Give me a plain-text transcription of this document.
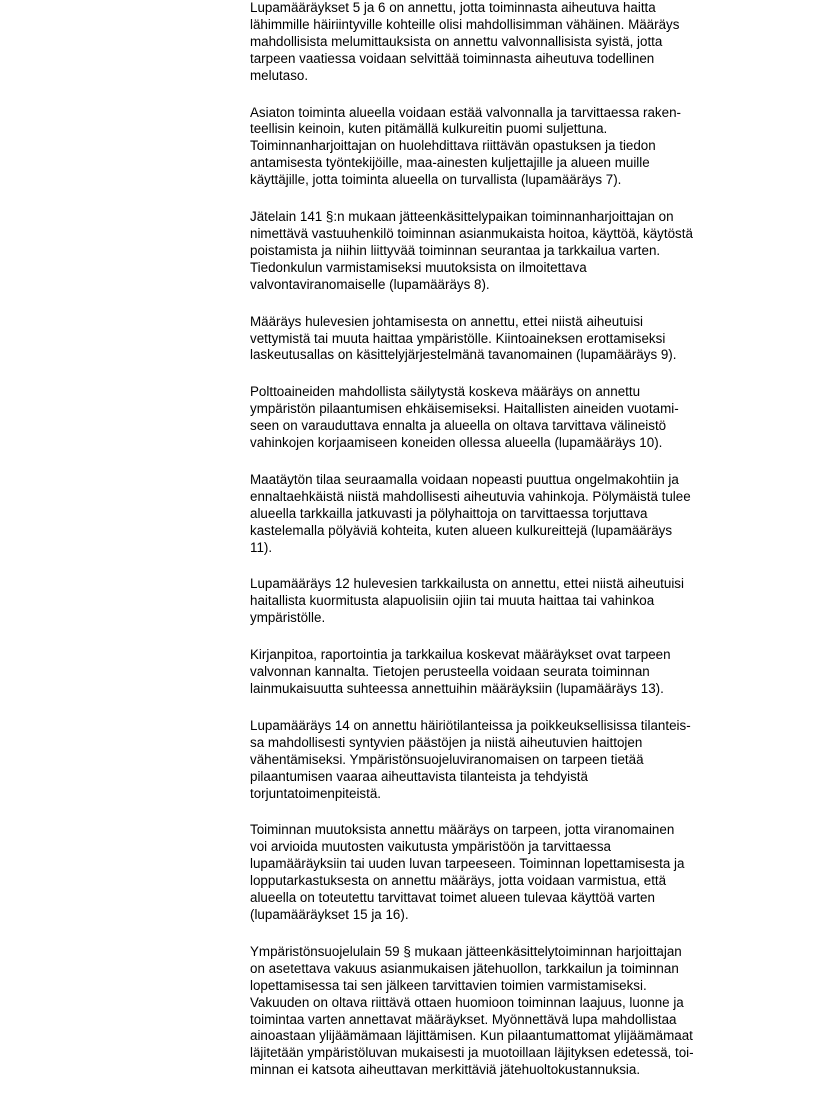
Lupamääräykset 5 ja 6 on annettu, jotta toiminnasta aiheutuva haitta
lähimmille häiriintyville kohteille olisi mahdollisimman vähäinen. Määräys
mahdollisista melumittauksista on annettu valvonnallisista syistä, jotta
tarpeen vaatiessa voidaan selvittää toiminnasta aiheutuva todellinen
melutaso.
Asiaton toiminta alueella voidaan estää valvonnalla ja tarvittaessa raken-
teellisin keinoin, kuten pitämällä kulkureitin puomi suljettuna.
Toiminnanharjoittajan on huolehdittava riittävän opastuksen ja tiedon
antamisesta työntekijöille, maa-ainesten kuljettajille ja alueen muille
käyttäjille, jotta toiminta alueella on turvallista (lupamääräys 7).
Jätelain 141 §:n mukaan jätteenkäsittelypaikan toiminnanharjoittajan on
nimettävä vastuuhenkilö toiminnan asianmukaista hoitoa, käyttöä, käytöstä
poistamista ja niihin liittyvää toiminnan seurantaa ja tarkkailua varten.
Tiedonkulun varmistamiseksi muutoksista on ilmoitettava
valvontaviranomaiselle (lupamääräys 8).
Määräys hulevesien johtamisesta on annettu, ettei niistä aiheutuisi
vettymistä tai muuta haittaa ympäristölle. Kiintoaineksen erottamiseksi
laskeutusallas on käsittelyjärjestelmänä tavanomainen (lupamääräys 9).
Polttoaineiden mahdollista säilytystä koskeva määräys on annettu
ympäristön pilaantumisen ehkäisemiseksi. Haitallisten aineiden vuotami-
seen on varauduttava ennalta ja alueella on oltava tarvittava välineistö
vahinkojen korjaamiseen koneiden ollessa alueella (lupamääräys 10).
Maatäytön tilaa seuraamalla voidaan nopeasti puuttua ongelmakohtiin ja
ennaltaehkäistä niistä mahdollisesti aiheutuvia vahinkoja. Pölymäistä tulee
alueella tarkkailla jatkuvasti ja pölyhaittoja on tarvittaessa torjuttava
kastelemalla pölyäviä kohteita, kuten alueen kulkureittejä (lupamääräys
11).
Lupamääräys 12 hulevesien tarkkailusta on annettu, ettei niistä aiheutuisi
haitallista kuormitusta alapuolisiin ojiin tai muuta haittaa tai vahinkoa
ympäristölle.
Kirjanpitoa, raportointia ja tarkkailua koskevat määräykset ovat tarpeen
valvonnan kannalta. Tietojen perusteella voidaan seurata toiminnan
lainmukaisuutta suhteessa annettuihin määräyksiin (lupamääräys 13).
Lupamääräys 14 on annettu häiriötilanteissa ja poikkeuksellisissa tilanteis-
sa mahdollisesti syntyvien päästöjen ja niistä aiheutuvien haittojen
vähentämiseksi. Ympäristönsuojeluviranomaisen on tarpeen tietää
pilaantumisen vaaraa aiheuttavista tilanteista ja tehdyistä
torjuntatoimenpiteistä.
Toiminnan muutoksista annettu määräys on tarpeen, jotta viranomainen
voi arvioida muutosten vaikutusta ympäristöön ja tarvittaessa
lupamääräyksiin tai uuden luvan tarpeeseen. Toiminnan lopettamisesta ja
lopputarkastuksesta on annettu määräys, jotta voidaan varmistua, että
alueella on toteutettu tarvittavat toimet alueen tulevaa käyttöä varten
(lupamääräykset 15 ja 16).
Ympäristönsuojelulain 59 § mukaan jätteenkäsittelytoiminnan harjoittajan
on asetettava vakuus asianmukaisen jätehuollon, tarkkailun ja toiminnan
lopettamisessa tai sen jälkeen tarvittavien toimien varmistamiseksi.
Vakuuden on oltava riittävä ottaen huomioon toiminnan laajuus, luonne ja
toimintaa varten annettavat määräykset. Myönnettävä lupa mahdollistaa
ainoastaan ylijäämämaan läjittämisen. Kun pilaantumattomat ylijäämämaat
läjitetään ympäristöluvan mukaisesti ja muotoillaan läjityksen edetessä, toi-
minnan ei katsota aiheuttavan merkittäviä jätehuoltokustannuksia.
